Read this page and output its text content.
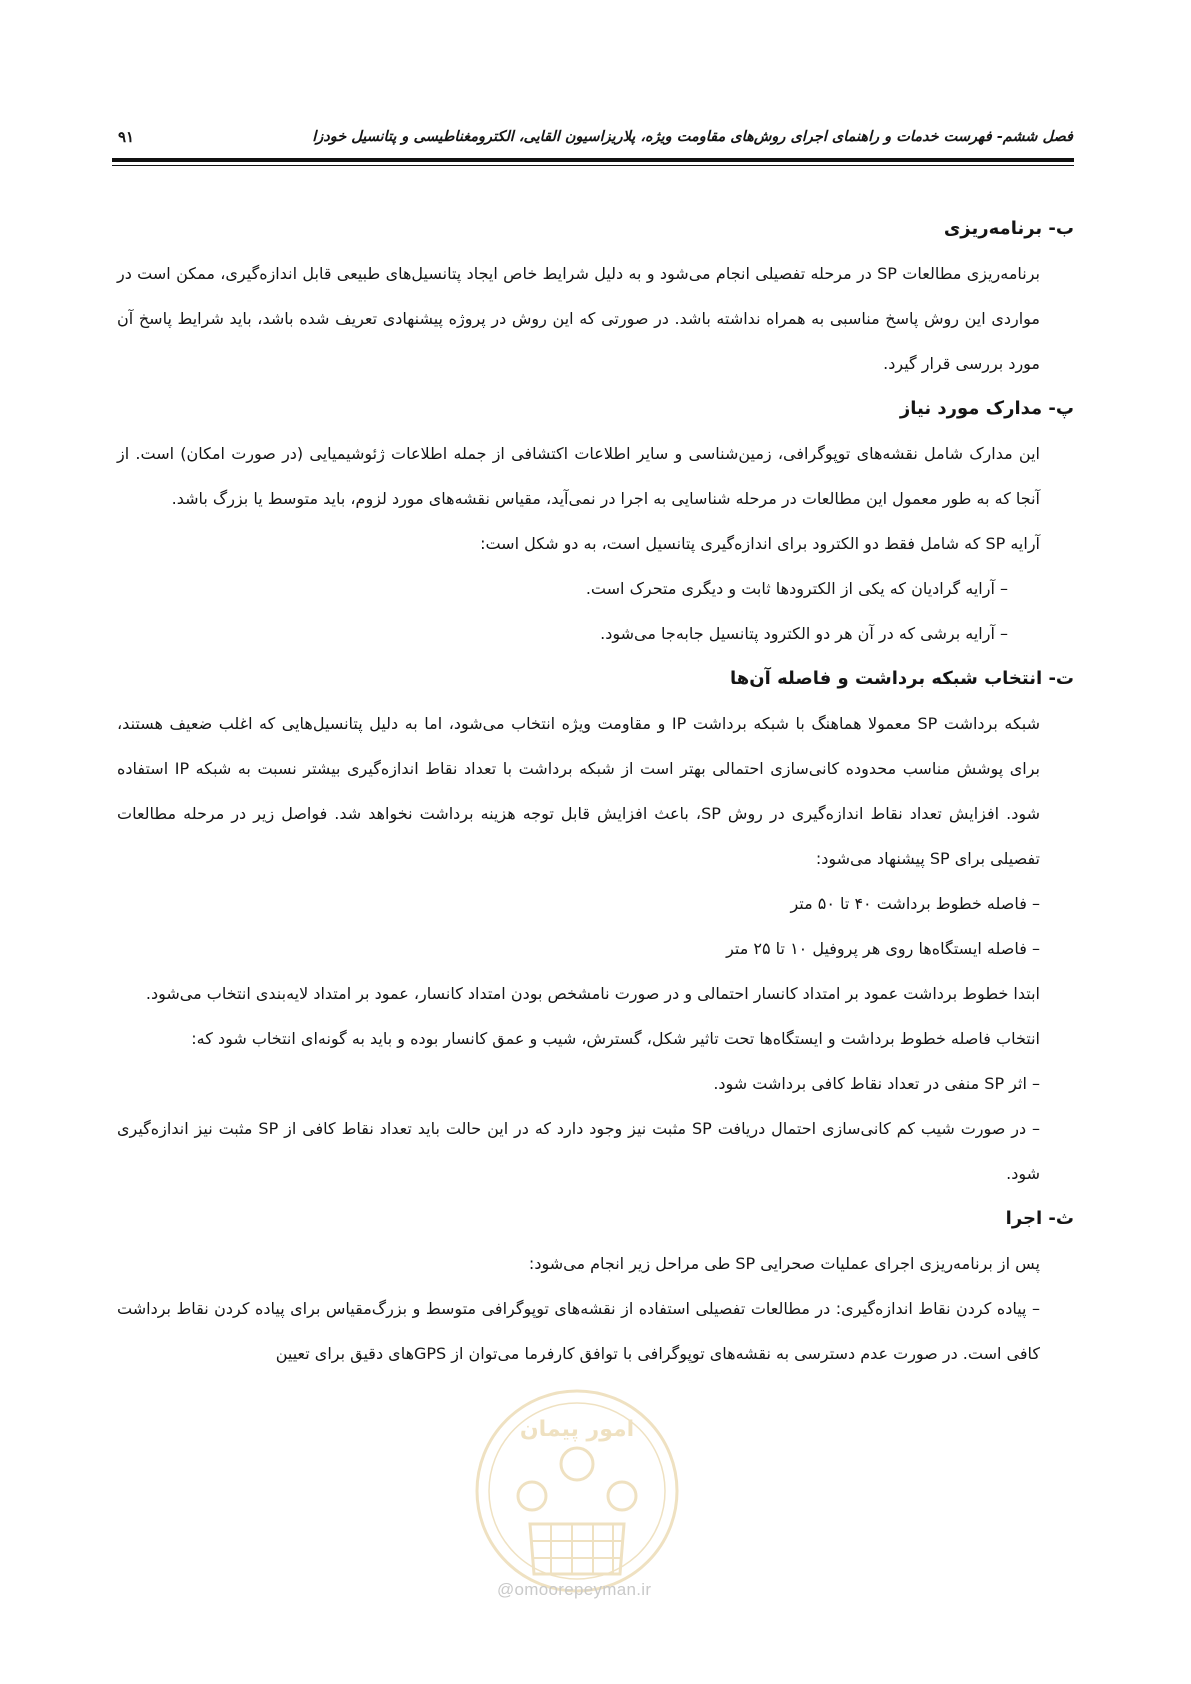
فصل ششم- فهرست خدمات و راهنمای اجرای روش‌های مقاومت ویژه، پلاریزاسیون القایی، الکترومغناطیسی و پتانسیل خودزا
۹۱
ب- برنامه‌ریزی

برنامه‌ریزی مطالعات SP در مرحله تفصیلی انجام می‌شود و به دلیل شرایط خاص ایجاد پتانسیل‌های طبیعی قابل اندازه‌گیری، ممکن است در مواردی این روش پاسخ مناسبی به همراه نداشته باشد. در صورتی که این روش در پروژه پیشنهادی تعریف شده باشد، باید شرایط پاسخ آن مورد بررسی قرار گیرد.

پ- مدارک مورد نیاز

این مدارک شامل نقشه‌های توپوگرافی، زمین‌شناسی و سایر اطلاعات اکتشافی از جمله اطلاعات ژئوشیمیایی (در صورت امکان) است. از آنجا که به طور معمول این مطالعات در مرحله شناسایی به اجرا در نمی‌آید، مقیاس نقشه‌های مورد لزوم، باید متوسط یا بزرگ باشد.

آرایه SP که شامل فقط دو الکترود برای اندازه‌گیری پتانسیل است، به دو شکل است:

– آرایه گرادیان که یکی از الکترودها ثابت و دیگری متحرک است.

– آرایه برشی که در آن هر دو الکترود پتانسیل جابه‌جا می‌شود.

ت- انتخاب شبکه برداشت و فاصله آن‌ها

شبکه برداشت SP معمولا هماهنگ با شبکه برداشت IP و مقاومت ویژه انتخاب می‌شود، اما به دلیل پتانسیل‌هایی که اغلب ضعیف هستند، برای پوشش مناسب محدوده کانی‌سازی احتمالی بهتر است از شبکه برداشت با تعداد نقاط اندازه‌گیری بیشتر نسبت به شبکه IP استفاده شود. افزایش تعداد نقاط اندازه‌گیری در روش SP، باعث افزایش قابل توجه هزینه برداشت نخواهد شد. فواصل زیر در مرحله مطالعات تفصیلی برای SP پیشنهاد می‌شود:

– فاصله خطوط برداشت ۴۰ تا ۵۰ متر

– فاصله ایستگاه‌ها روی هر پروفیل ۱۰ تا ۲۵ متر

ابتدا خطوط برداشت عمود بر امتداد کانسار احتمالی و در صورت نامشخص بودن امتداد کانسار، عمود بر امتداد لایه‌بندی انتخاب می‌شود.

انتخاب فاصله خطوط برداشت و ایستگاه‌ها تحت تاثیر شکل، گسترش، شیب و عمق کانسار بوده و باید به گونه‌ای انتخاب شود که:

– اثر SP منفی در تعداد نقاط کافی برداشت شود.

– در صورت شیب کم کانی‌سازی احتمال دریافت SP مثبت نیز وجود دارد که در این حالت باید تعداد نقاط کافی از SP مثبت نیز اندازه‌گیری شود.

ث- اجرا

پس از برنامه‌ریزی اجرای عملیات صحرایی SP طی مراحل زیر انجام می‌شود:

– پیاده کردن نقاط اندازه‌گیری: در مطالعات تفصیلی استفاده از نقشه‌های توپوگرافی متوسط و بزرگ‌مقیاس برای پیاده کردن نقاط برداشت کافی است. در صورت عدم دسترسی به نقشه‌های توپوگرافی با توافق کارفرما می‌توان از GPSهای دقیق برای تعیین

امور پیمان
@omoorepeyman.ir
